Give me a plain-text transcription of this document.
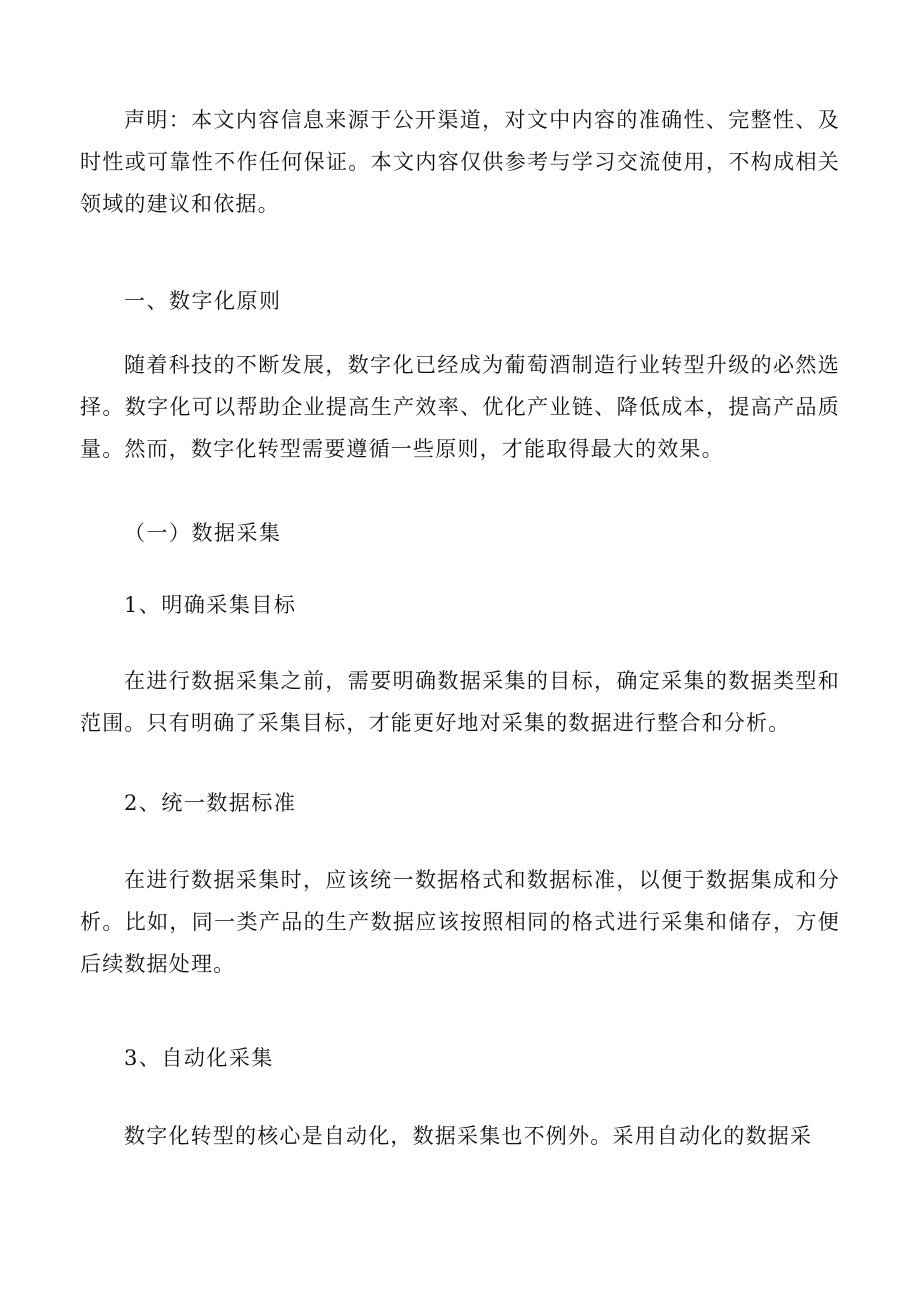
声明：本文内容信息来源于公开渠道，对文中内容的准确性、完整性、及时性或可靠性不作任何保证。本文内容仅供参考与学习交流使用，不构成相关领域的建议和依据。

一、数字化原则

随着科技的不断发展，数字化已经成为葡萄酒制造行业转型升级的必然选择。数字化可以帮助企业提高生产效率、优化产业链、降低成本，提高产品质量。然而，数字化转型需要遵循一些原则，才能取得最大的效果。

（一）数据采集
1、明确采集目标

在进行数据采集之前，需要明确数据采集的目标，确定采集的数据类型和范围。只有明确了采集目标，才能更好地对采集的数据进行整合和分析。

2、统一数据标准

在进行数据采集时，应该统一数据格式和数据标准，以便于数据集成和分析。比如，同一类产品的生产数据应该按照相同的格式进行采集和储存，方便后续数据处理。

3、自动化采集

数字化转型的核心是自动化，数据采集也不例外。采用自动化的数据采
